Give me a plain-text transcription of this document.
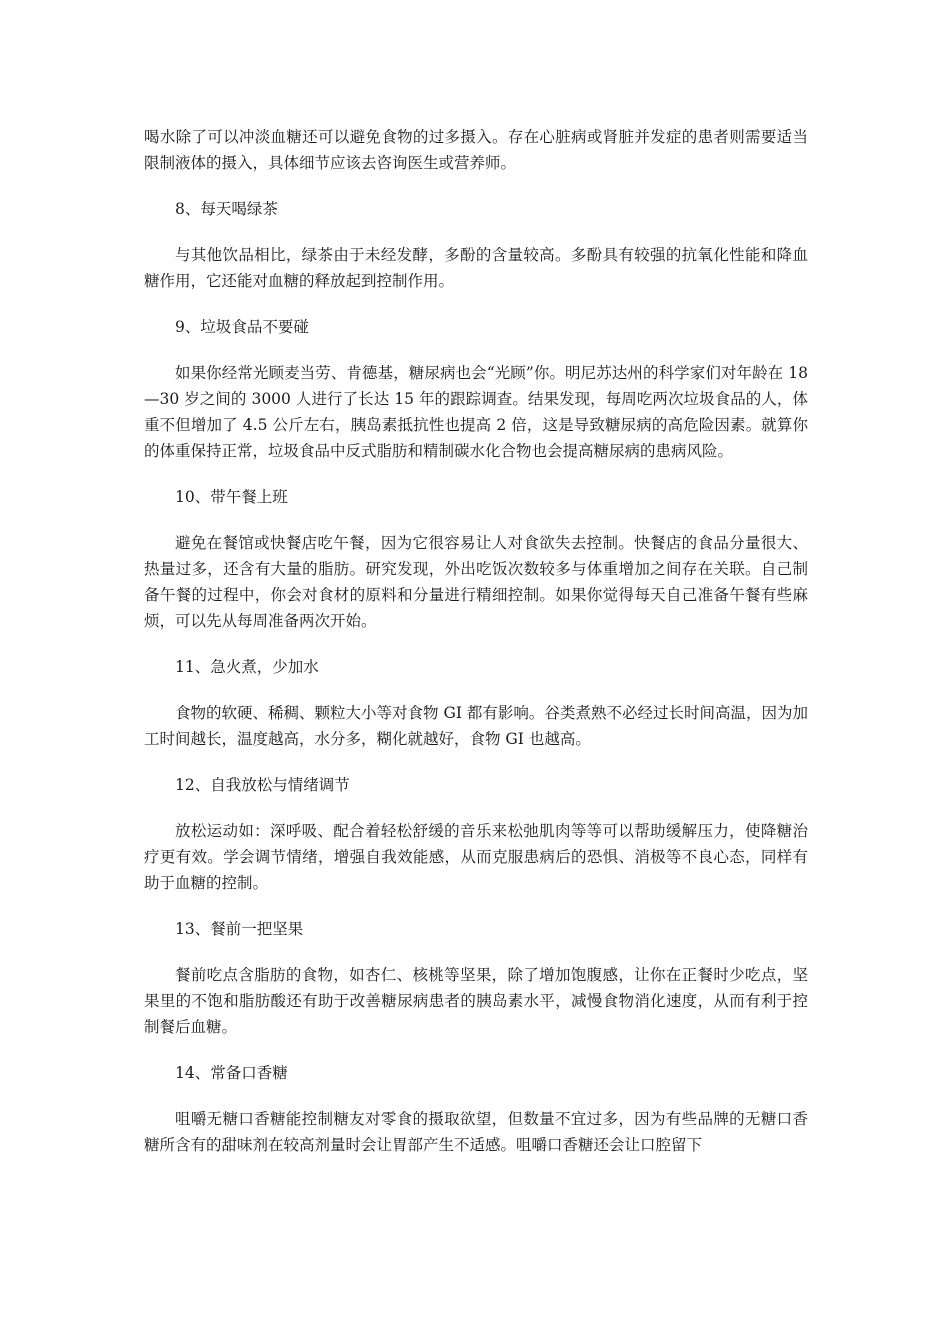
喝水除了可以冲淡血糖还可以避免食物的过多摄入。存在心脏病或肾脏并发症的患者则需要适当限制液体的摄入，具体细节应该去咨询医生或营养师。

8、每天喝绿茶

与其他饮品相比，绿茶由于未经发酵，多酚的含量较高。多酚具有较强的抗氧化性能和降血糖作用，它还能对血糖的释放起到控制作用。

9、垃圾食品不要碰

如果你经常光顾麦当劳、肯德基，糖尿病也会“光顾”你。明尼苏达州的科学家们对年龄在 18—30 岁之间的 3000 人进行了长达 15 年的跟踪调查。结果发现，每周吃两次垃圾食品的人，体重不但增加了 4.5 公斤左右，胰岛素抵抗性也提高 2 倍，这是导致糖尿病的高危险因素。就算你的体重保持正常，垃圾食品中反式脂肪和精制碳水化合物也会提高糖尿病的患病风险。

10、带午餐上班

避免在餐馆或快餐店吃午餐，因为它很容易让人对食欲失去控制。快餐店的食品分量很大、热量过多，还含有大量的脂肪。研究发现，外出吃饭次数较多与体重增加之间存在关联。自己制备午餐的过程中，你会对食材的原料和分量进行精细控制。如果你觉得每天自己准备午餐有些麻烦，可以先从每周准备两次开始。

11、急火煮，少加水

食物的软硬、稀稠、颗粒大小等对食物 GI 都有影响。谷类煮熟不必经过长时间高温，因为加工时间越长，温度越高，水分多，糊化就越好，食物 GI 也越高。

12、自我放松与情绪调节

放松运动如：深呼吸、配合着轻松舒缓的音乐来松弛肌肉等等可以帮助缓解压力，使降糖治疗更有效。学会调节情绪，增强自我效能感，从而克服患病后的恐惧、消极等不良心态，同样有助于血糖的控制。

13、餐前一把坚果

餐前吃点含脂肪的食物，如杏仁、核桃等坚果，除了增加饱腹感，让你在正餐时少吃点，坚果里的不饱和脂肪酸还有助于改善糖尿病患者的胰岛素水平，减慢食物消化速度，从而有利于控制餐后血糖。

14、常备口香糖

咀嚼无糖口香糖能控制糖友对零食的摄取欲望，但数量不宜过多，因为有些品牌的无糖口香糖所含有的甜味剂在较高剂量时会让胃部产生不适感。咀嚼口香糖还会让口腔留下
